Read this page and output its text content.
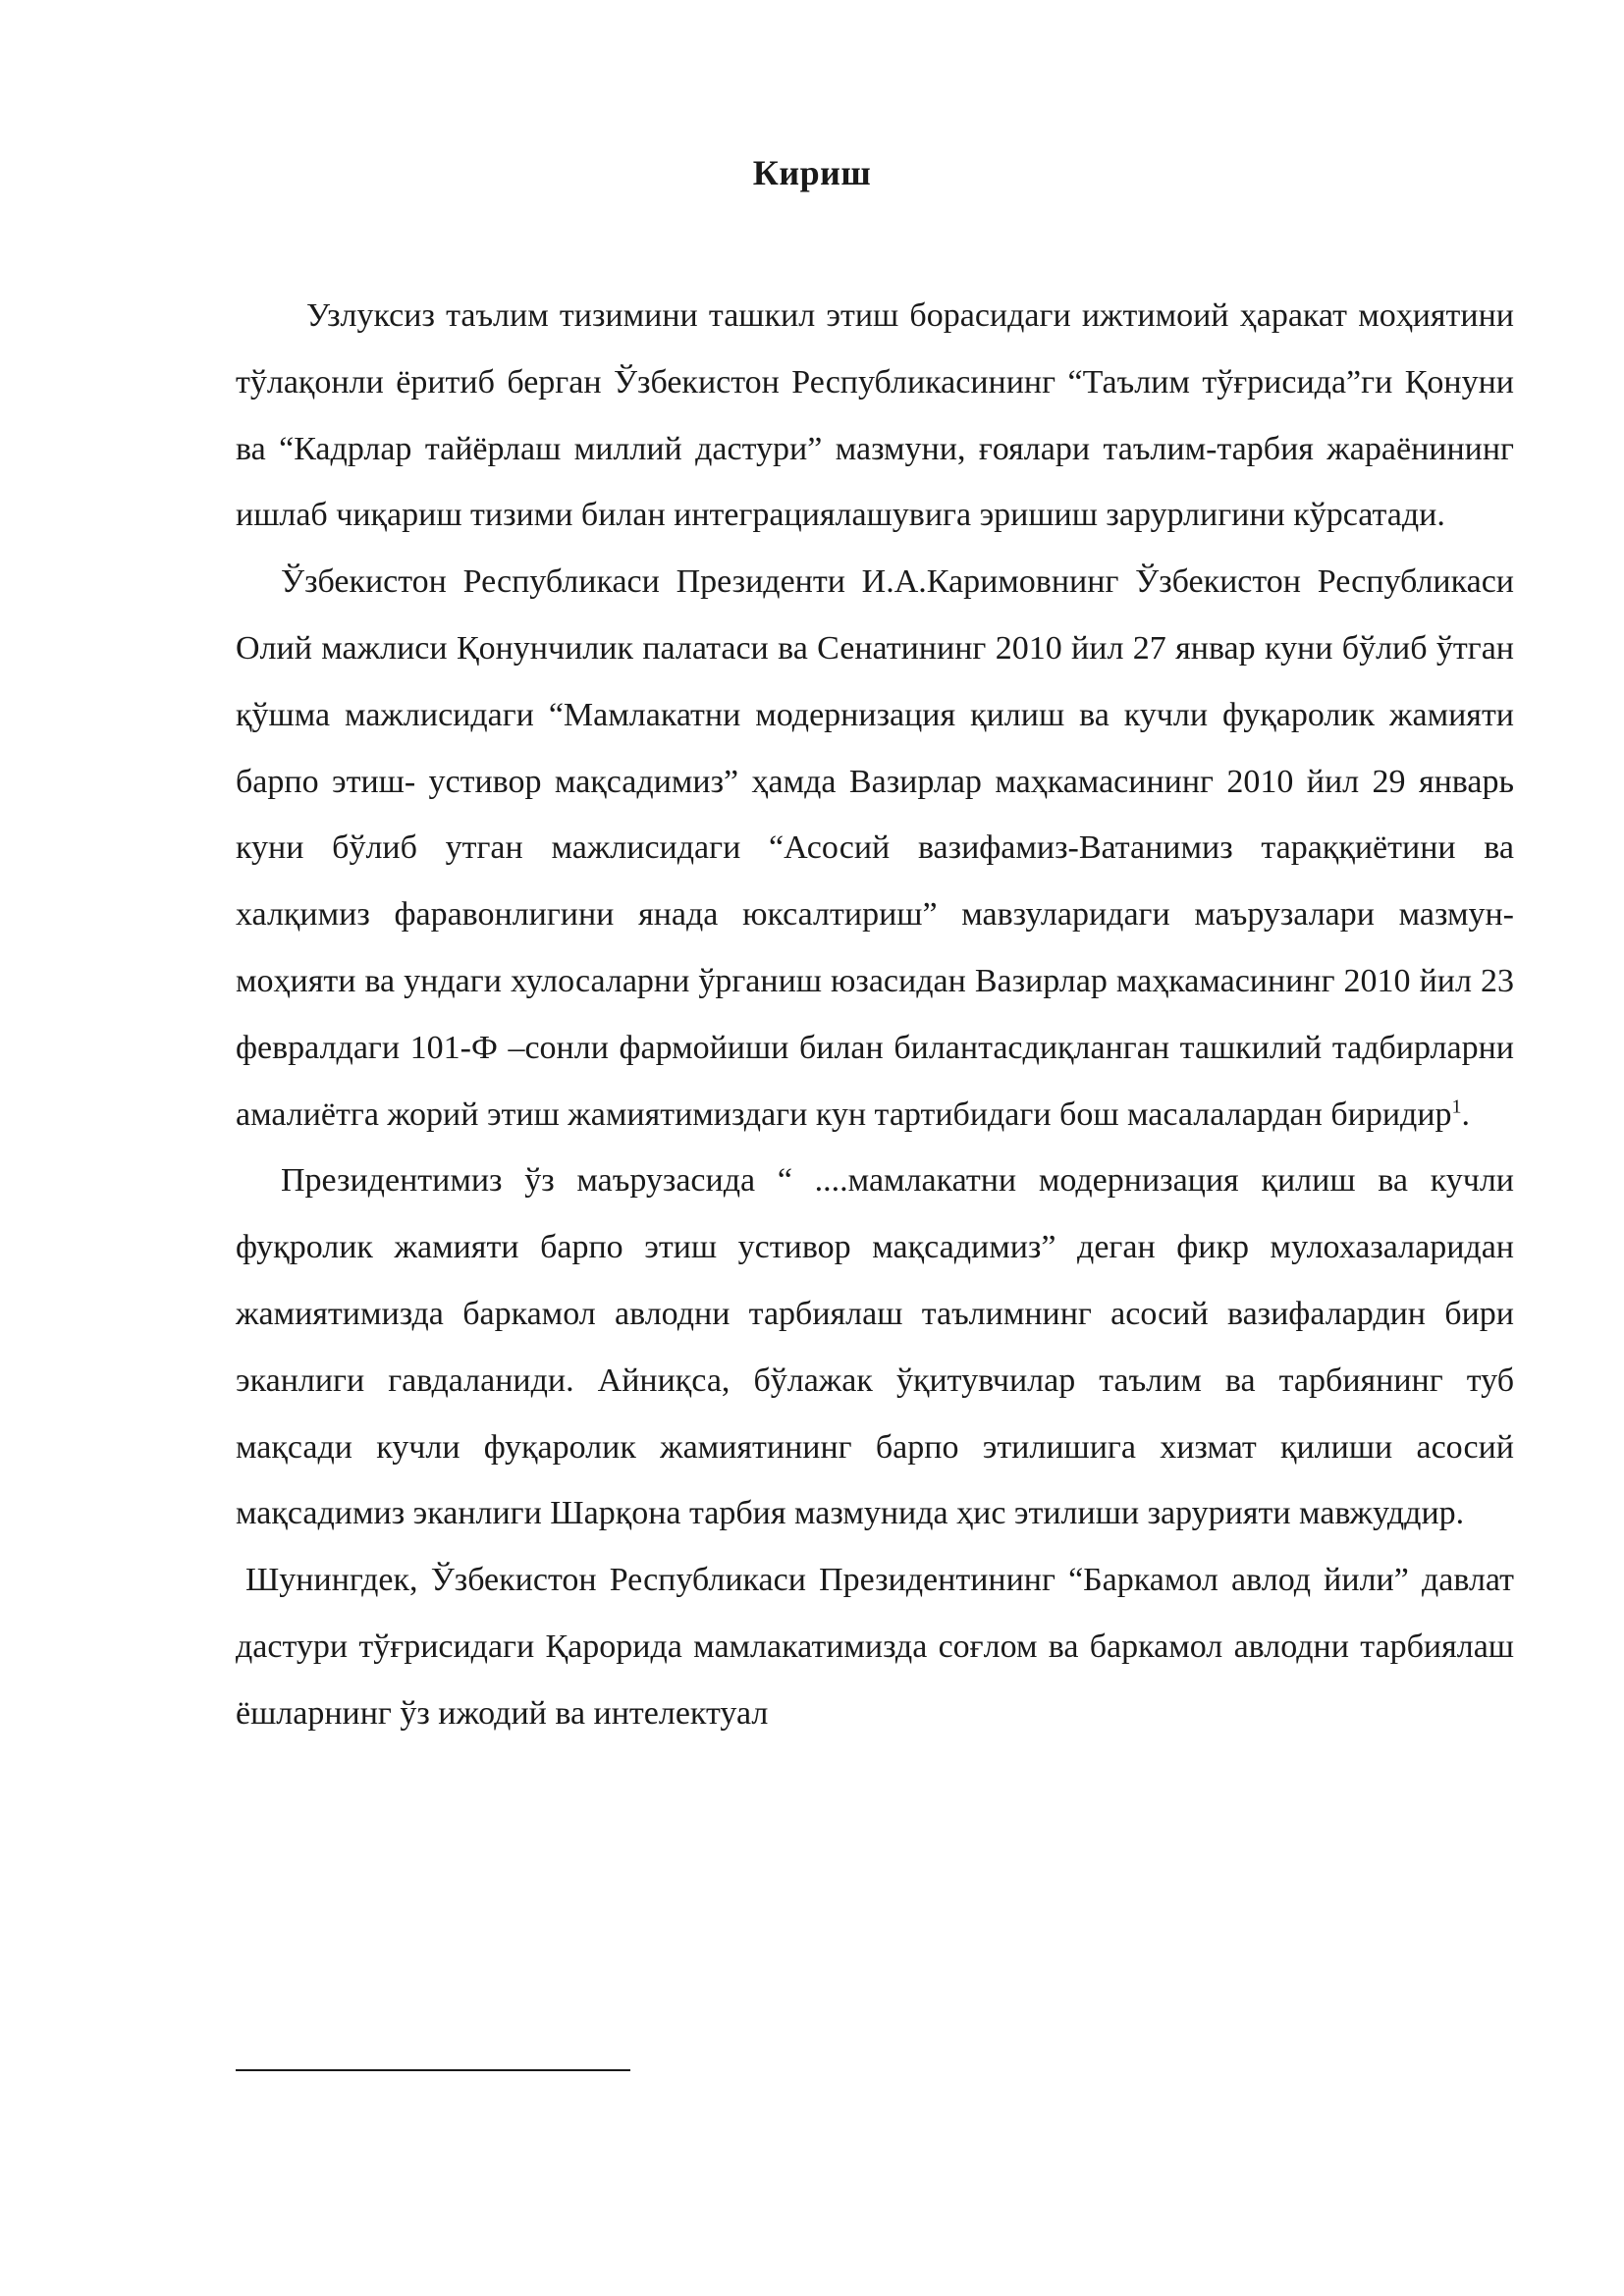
Кириш

Узлуксиз таълим тизимини ташкил этиш борасидаги ижтимоий ҳаракат моҳиятини тўлақонли ёритиб берган Ўзбекистон Республикасининг “Таълим тўғрисида”ги Қонуни ва “Кадрлар тайёрлаш миллий дастури” мазмуни, ғоялари таълим-тарбия жараёнининг ишлаб чиқариш тизими билан интеграциялашувига эришиш зарурлигини кўрсатади.

Ўзбекистон Республикаси Президенти И.А.Каримовнинг Ўзбекистон Республикаси Олий мажлиси Қонунчилик палатаси ва Сенатининг 2010 йил 27 январ куни бўлиб ўтган қўшма мажлисидаги “Мамлакатни модернизация қилиш ва кучли фуқаролик жамияти барпо этиш- устивор мақсадимиз” ҳамда Вазирлар маҳкамасининг 2010 йил 29 январь куни бўлиб утган мажлисидаги “Асосий вазифамиз-Ватанимиз тараққиётини ва халқимиз фаравонлигини янада юксалтириш” мавзуларидаги маърузалари мазмун-моҳияти ва ундаги хулосаларни ўрганиш юзасидан Вазирлар маҳкамасининг 2010 йил 23 февралдаги 101-Ф –сонли фармойиши билан билантасдиқланган ташкилий тадбирларни амалиётга жорий этиш жамиятимиздаги кун тартибидаги бош масалалардан биридир$^1$.

Президентимиз ўз маърузасида “ ....мамлакатни модернизация қилиш ва кучли фуқролик жамияти барпо этиш устивор мақсадимиз” деган фикр мулохазаларидан жамиятимизда баркамол авлодни тарбиялаш таълимнинг асосий вазифалардин бири эканлиги гавдаланиди. Айниқса, бўлажак ўқитувчилар таълим ва тарбиянинг туб мақсади кучли фуқаролик жамиятининг барпо этилишига хизмат қилиши асосий мақсадимиз эканлиги Шарқона тарбия мазмунида ҳис этилиши зарурияти мавжуддир.

Шунингдек, Ўзбекистон Республикаси Президентининг “Баркамол авлод йили” давлат дастури тўғрисидаги Қарорида мамлакатимизда соғлом ва баркамол авлодни тарбиялаш ёшларнинг ўз ижодий ва интелектуал
